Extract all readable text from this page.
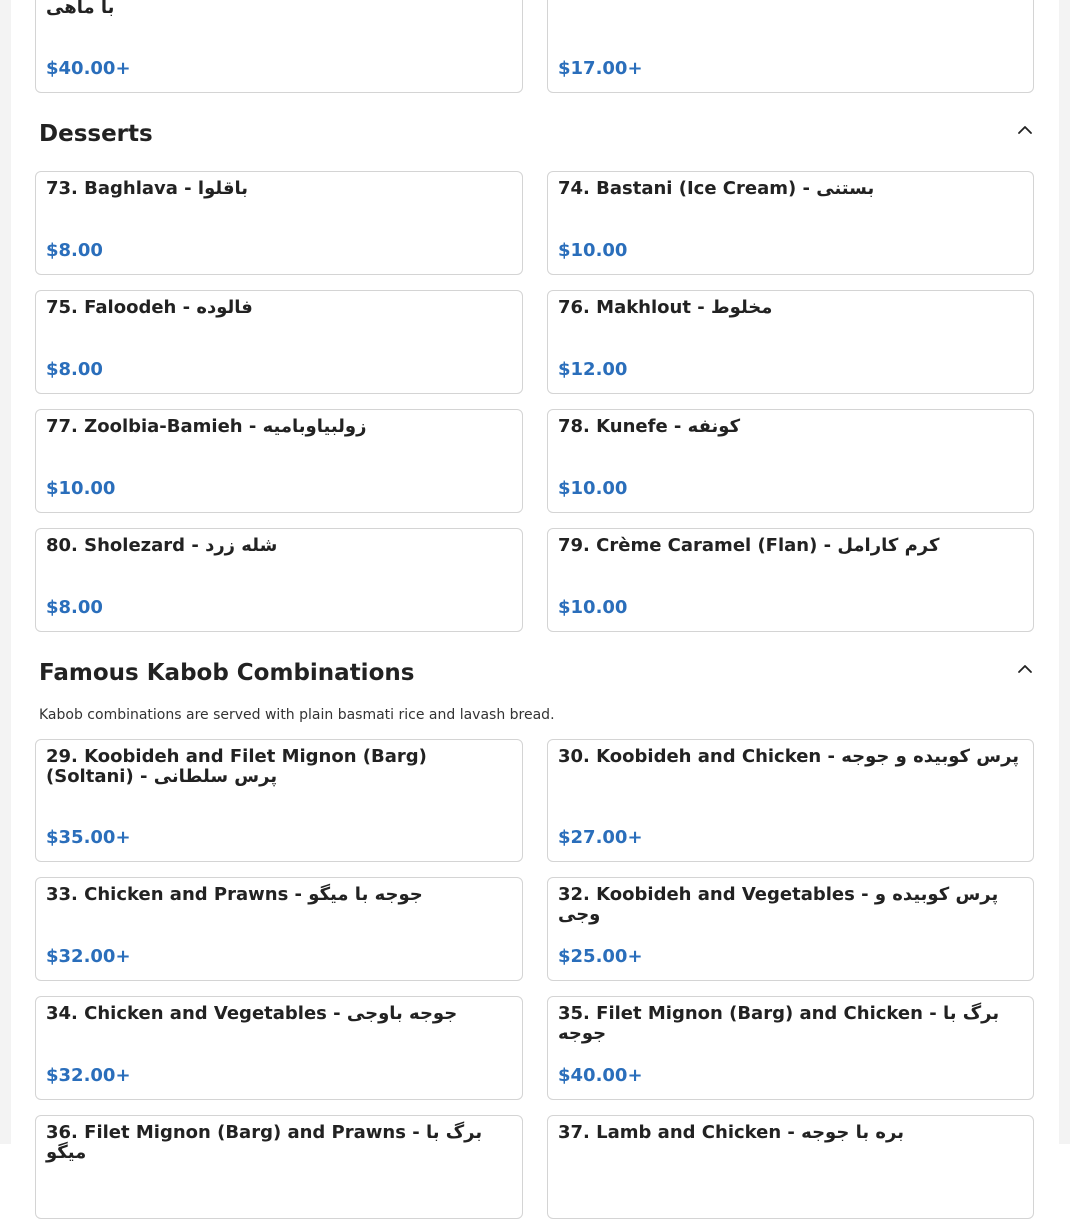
با ماهی
$40.00+	$17.00+
Desserts
73. Baghlava - باقلوا
$8.00
74. Bastani (Ice Cream) - بستنی
$10.00
75. Faloodeh - فالوده
$8.00
76. Makhlout - مخلوط
$12.00
77. Zoolbia-Bamieh - زولبیاوبامیه
$10.00
78. Kunefe - کونفه
$10.00
80. Sholezard - شله زرد
$8.00
79. Crème Caramel (Flan) - کرم کارامل
$10.00
Famous Kabob Combinations
Kabob combinations are served with plain basmati rice and lavash bread.
29. Koobideh and Filet Mignon (Barg) (Soltani) - پرس سلطانی
$35.00+
30. Koobideh and Chicken - پرس کوبیده و جوجه
$27.00+
33. Chicken and Prawns - جوجه با میگو
$32.00+
32. Koobideh and Vegetables - پرس کوبیده و وجی
$25.00+
34. Chicken and Vegetables - جوجه باوجی
$32.00+
35. Filet Mignon (Barg) and Chicken - برگ با جوجه
$40.00+
36. Filet Mignon (Barg) and Prawns - برگ با میگو
37. Lamb and Chicken - بره با جوجه
